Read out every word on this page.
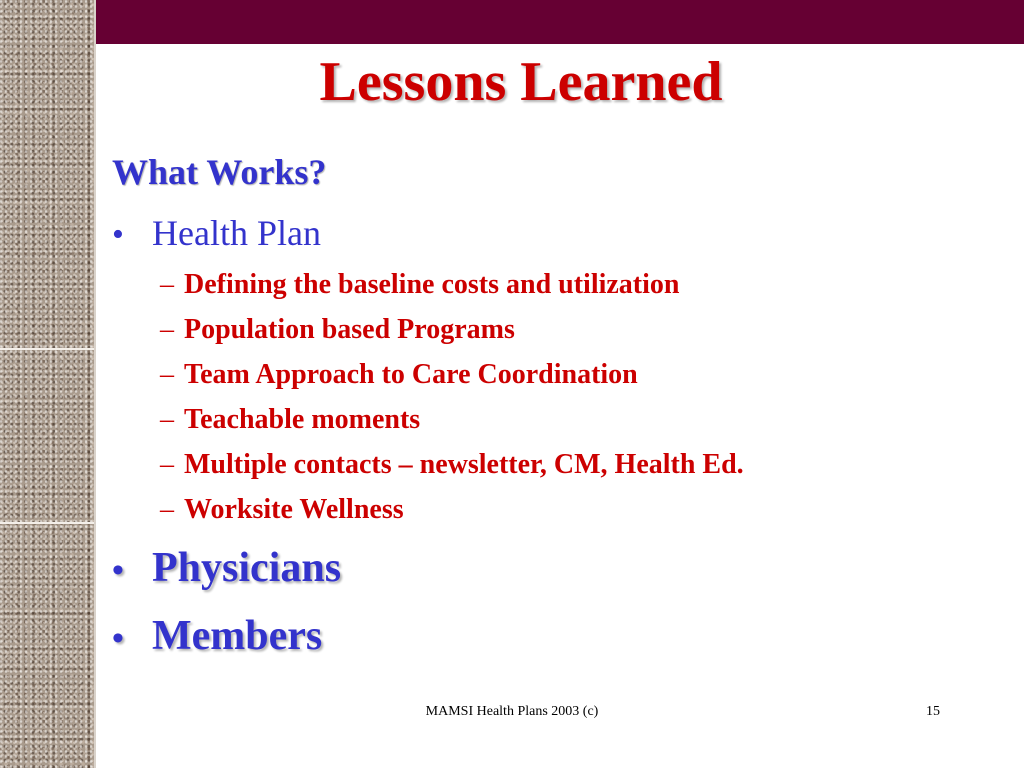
Lessons Learned
What Works?
• Health Plan
– Defining the baseline costs and utilization
– Population based Programs
– Team Approach to Care Coordination
– Teachable moments
– Multiple contacts – newsletter, CM, Health Ed.
– Worksite Wellness
• Physicians
• Members
MAMSI Health Plans 2003 (c)	15
